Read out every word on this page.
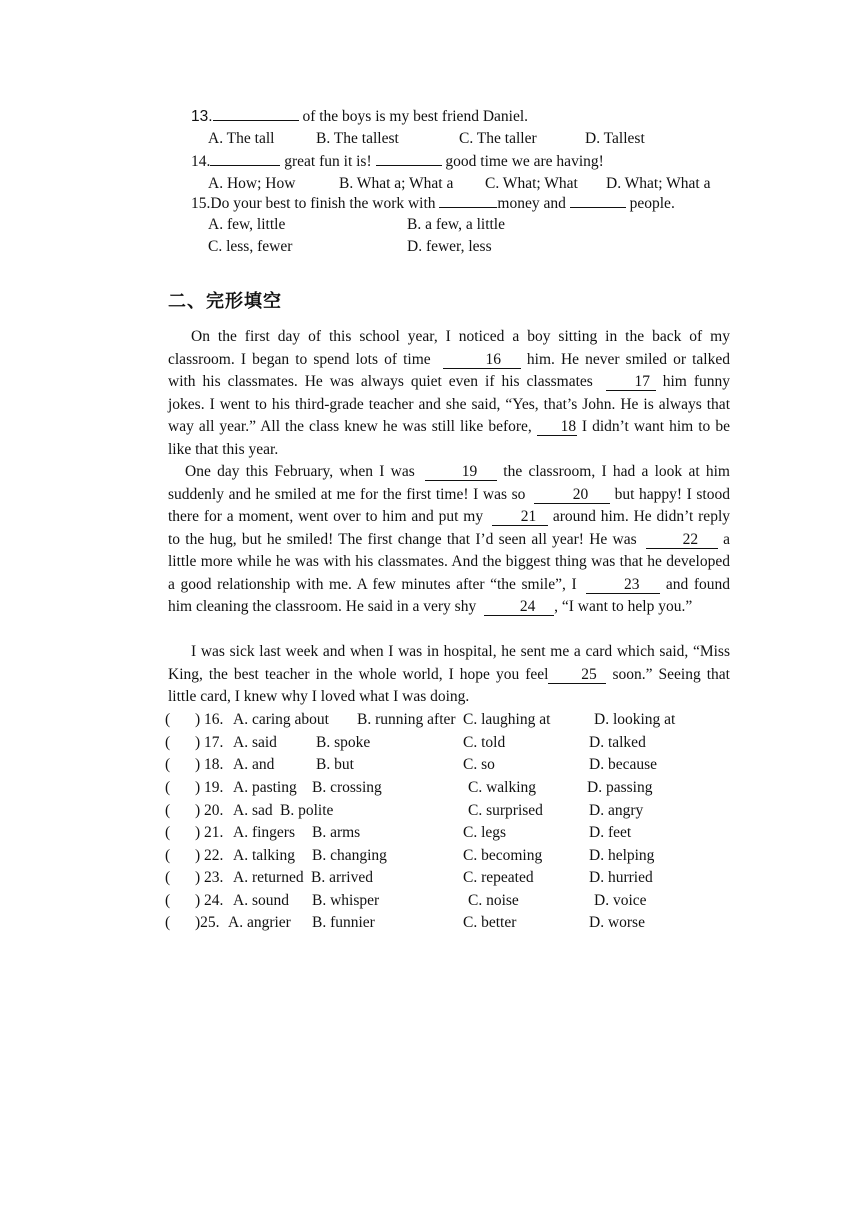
13.	of the boys is my best friend Daniel.
A. The tall	B. The tallest	C. The taller	D. Tallest
14.	great fun it is!	good time we are having!
A. How; How	B. What a; What a C. What; What D. What; What a
15.Do your best to finish the work with	money and	people.
A. few, little	B. a few, a little
C. less, fewer	D. fewer, less
二、完形填空
On the first day of this school year, I noticed a boy sitting in the back of my classroom. I began to spend lots of time	16 him. He never smiled or talked with his classmates. He was always quiet even if his classmates 17 him funny jokes. I went to his third-grade teacher and she said, “Yes, that’s John. He is always that way all year.” All the class knew he was still like before, 18 I didn’t want him to be like that this year.
One day this February, when I was	19 the classroom, I had a look at him suddenly and he smiled at me for the first time! I was so	20 but happy! I stood there for a moment, went over to him and put my 21 around him. He didn’t reply to the hug, but he smiled! The first change that I’d seen all year! He was	22 a little more while he was with his classmates. And the biggest thing was that he developed a good relationship with me. A few minutes after “the smile”, I	23 and found him cleaning the classroom. He said in a very shy	24 , “I want to help you.”
I was sick last week and when I was in hospital, he sent me a card which said, “Miss King, the best teacher in the whole world, I hope you feel 25 soon.” Seeing that little card, I knew why I loved what I was doing.
( ) 16. A. caring about B. running after C. laughing at	D. looking at
( ) 17. A. said	B. spoke	C. told	D. talked
( ) 18. A. and	B. but	C. so	D. because
( ) 19. A. pasting B. crossing	C. walking	D. passing
( ) 20. A. sad B. polite	C. surprised	D. angry
( ) 21. A. fingers B. arms	C. legs	D. feet
( ) 22. A. talking B. changing	C. becoming	D. helping
( ) 23. A. returned B. arrived	C. repeated	D. hurried
( ) 24. A. sound B. whisper	C. noise	D. voice
( )25. A. angrier B. funnier	C. better	D. worse
